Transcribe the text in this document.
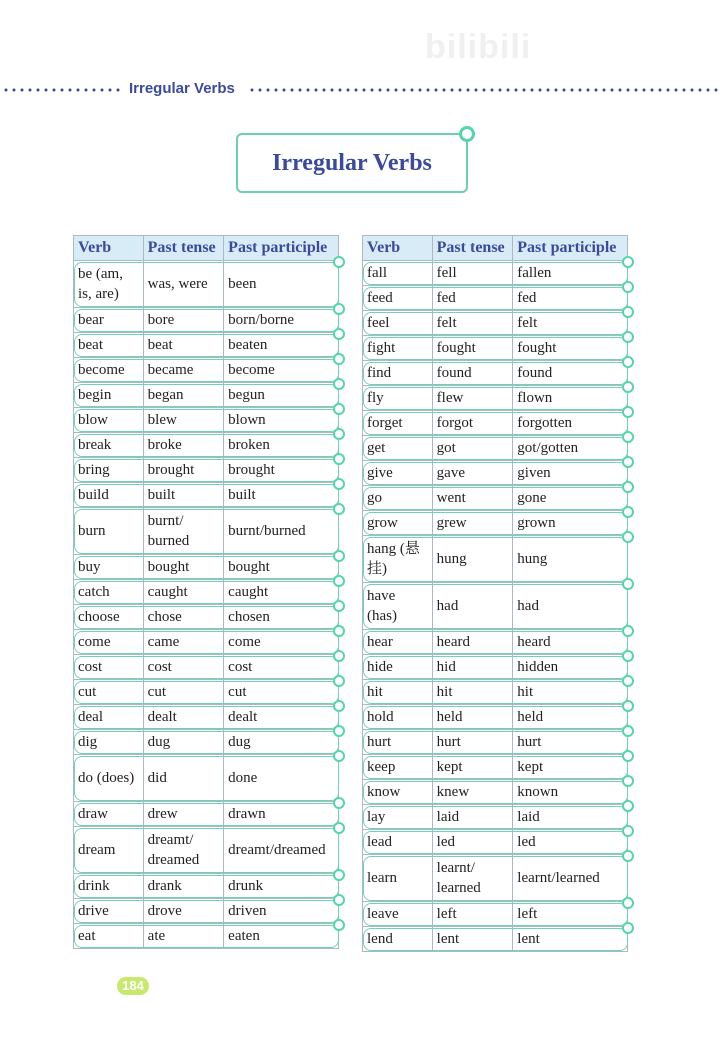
bilibili
Irregular Verbs
Irregular Verbs
Verb	Past tense	Past participle
be (am, is, are)	was, were	been
bear	bore	born/borne
beat	beat	beaten
become	became	become
begin	began	begun
blow	blew	blown
break	broke	broken
bring	brought	brought
build	built	built
burn	burnt/ burned	burnt/burned
buy	bought	bought
catch	caught	caught
choose	chose	chosen
come	came	come
cost	cost	cost
cut	cut	cut
deal	dealt	dealt
dig	dug	dug
do (does)	did	done
draw	drew	drawn
dream	dreamt/ dreamed	dreamt/dreamed
drink	drank	drunk
drive	drove	driven
eat	ate	eaten
Verb	Past tense	Past participle
fall	fell	fallen
feed	fed	fed
feel	felt	felt
fight	fought	fought
find	found	found
fly	flew	flown
forget	forgot	forgotten
get	got	got/gotten
give	gave	given
go	went	gone
grow	grew	grown
hang (悬挂)	hung	hung
have (has)	had	had
hear	heard	heard
hide	hid	hidden
hit	hit	hit
hold	held	held
hurt	hurt	hurt
keep	kept	kept
know	knew	known
lay	laid	laid
lead	led	led
learn	learnt/ learned	learnt/learned
leave	left	left
lend	lent	lent
184
